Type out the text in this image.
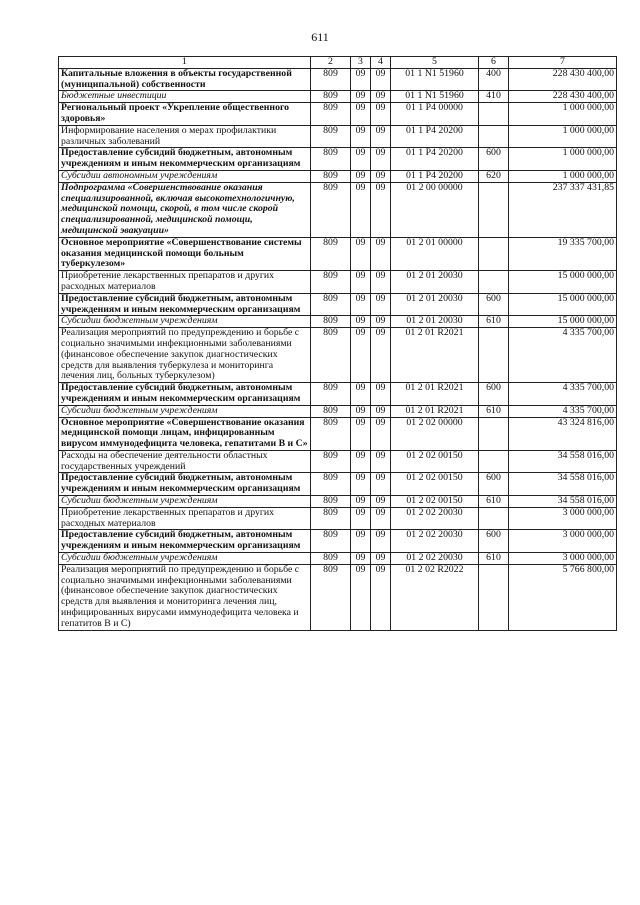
611
1	2	3	4	5	6	7
Капитальные вложения в объекты государственной (муниципальной) собственности	809	09	09	01 1 N1 51960	400	228 430 400,00
Бюджетные инвестиции	809	09	09	01 1 N1 51960	410	228 430 400,00
Региональный проект «Укрепление общественного здоровья»	809	09	09	01 1 P4 00000		1 000 000,00
Информирование населения о мерах профилактики различных заболеваний	809	09	09	01 1 P4 20200		1 000 000,00
Предоставление субсидий бюджетным, автономным учреждениям и иным некоммерческим организациям	809	09	09	01 1 P4 20200	600	1 000 000,00
Субсидии автономным учреждениям	809	09	09	01 1 P4 20200	620	1 000 000,00
Подпрограмма «Совершенствование оказания специализированной, включая высокотехнологичную, медицинской помощи, скорой, в том числе скорой специализированной, медицинской помощи, медицинской эвакуации»	809	09	09	01 2 00 00000		237 337 431,85
Основное мероприятие «Совершенствование системы оказания медицинской помощи больным туберкулезом»	809	09	09	01 2 01 00000		19 335 700,00
Приобретение лекарственных препаратов и других расходных материалов	809	09	09	01 2 01 20030		15 000 000,00
Предоставление субсидий бюджетным, автономным учреждениям и иным некоммерческим организациям	809	09	09	01 2 01 20030	600	15 000 000,00
Субсидии бюджетным учреждениям	809	09	09	01 2 01 20030	610	15 000 000,00
Реализация мероприятий по предупреждению и борьбе с социально значимыми инфекционными заболеваниями (финансовое обеспечение закупок диагностических средств для выявления туберкулеза и мониторинга лечения лиц, больных туберкулезом)	809	09	09	01 2 01 R2021		4 335 700,00
Предоставление субсидий бюджетным, автономным учреждениям и иным некоммерческим организациям	809	09	09	01 2 01 R2021	600	4 335 700,00
Субсидии бюджетным учреждениям	809	09	09	01 2 01 R2021	610	4 335 700,00
Основное мероприятие «Совершенствование оказания медицинской помощи лицам, инфицированным вирусом иммунодефицита человека, гепатитами В и С»	809	09	09	01 2 02 00000		43 324 816,00
Расходы на обеспечение деятельности областных государственных учреждений	809	09	09	01 2 02 00150		34 558 016,00
Предоставление субсидий бюджетным, автономным учреждениям и иным некоммерческим организациям	809	09	09	01 2 02 00150	600	34 558 016,00
Субсидии бюджетным учреждениям	809	09	09	01 2 02 00150	610	34 558 016,00
Приобретение лекарственных препаратов и других расходных материалов	809	09	09	01 2 02 20030		3 000 000,00
Предоставление субсидий бюджетным, автономным учреждениям и иным некоммерческим организациям	809	09	09	01 2 02 20030	600	3 000 000,00
Субсидии бюджетным учреждениям	809	09	09	01 2 02 20030	610	3 000 000,00
Реализация мероприятий по предупреждению и борьбе с социально значимыми инфекционными заболеваниями (финансовое обеспечение закупок диагностических средств для выявления и мониторинга лечения лиц, инфицированных вирусами иммунодефицита человека и гепатитов В и С)	809	09	09	01 2 02 R2022		5 766 800,00
